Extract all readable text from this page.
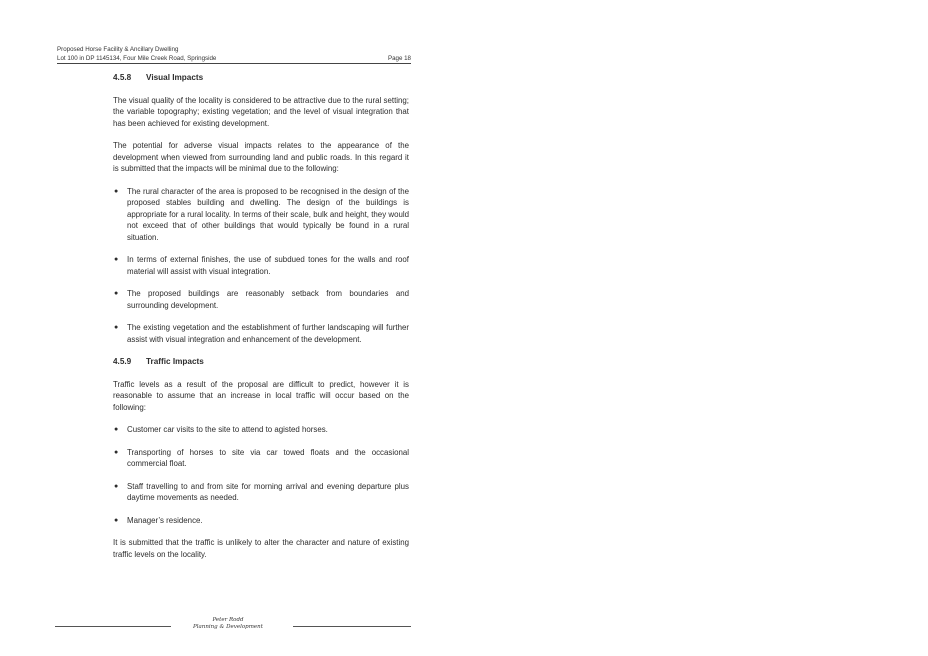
Proposed Horse Facility & Ancillary Dwelling
Lot 100 in DP 1145134, Four Mile Creek Road, Springside	Page 18
4.5.8	Visual Impacts

The visual quality of the locality is considered to be attractive due to the rural setting; the variable topography; existing vegetation; and the level of visual integration that has been achieved for existing development.

The potential for adverse visual impacts relates to the appearance of the development when viewed from surrounding land and public roads. In this regard it is submitted that the impacts will be minimal due to the following:

● The rural character of the area is proposed to be recognised in the design of the proposed stables building and dwelling. The design of the buildings is appropriate for a rural locality. In terms of their scale, bulk and height, they would not exceed that of other buildings that would typically be found in a rural situation.
● In terms of external finishes, the use of subdued tones for the walls and roof material will assist with visual integration.
● The proposed buildings are reasonably setback from boundaries and surrounding development.
● The existing vegetation and the establishment of further landscaping will further assist with visual integration and enhancement of the development.
4.5.9	Traffic Impacts

Traffic levels as a result of the proposal are difficult to predict, however it is reasonable to assume that an increase in local traffic will occur based on the following:

● Customer car visits to the site to attend to agisted horses.
● Transporting of horses to site via car towed floats and the occasional commercial float.
● Staff travelling to and from site for morning arrival and evening departure plus daytime movements as needed.
● Manager’s residence.

It is submitted that the traffic is unlikely to alter the character and nature of existing traffic levels on the locality.

Peter Rodd
Planning & Development
